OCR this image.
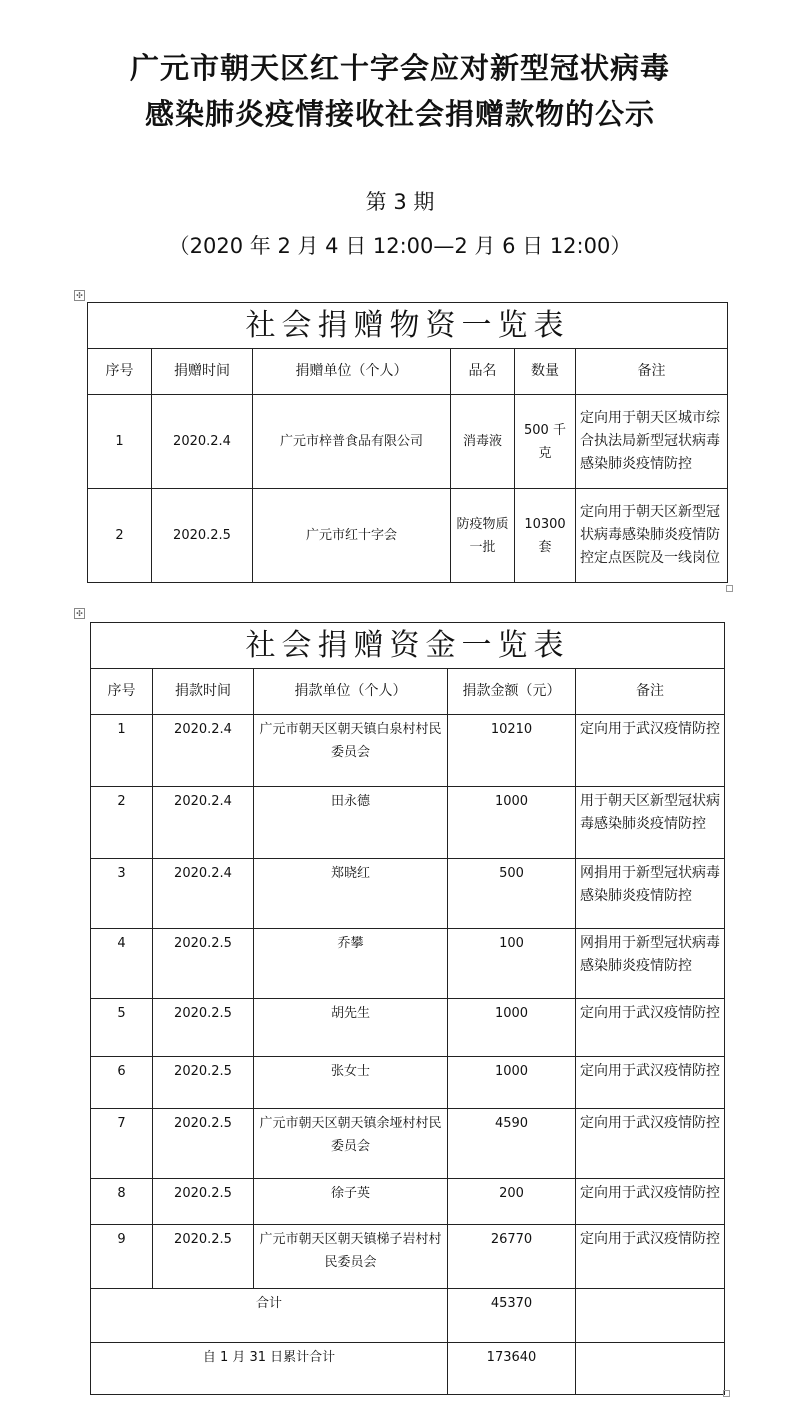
广元市朝天区红十字会应对新型冠状病毒
感染肺炎疫情接收社会捐赠款物的公示
第 3 期
（2020 年 2 月 4 日 12:00—2 月 6 日 12:00）
✣
社会捐赠物资一览表					
序号	捐赠时间	捐赠单位（个人）	品名	数量	备注
1	2020.2.4	广元市梓普食品有限公司	消毒液	500 千克	定向用于朝天区城市综合执法局新型冠状病毒感染肺炎疫情防控
2	2020.2.5	广元市红十字会	防疫物质一批	10300 套	定向用于朝天区新型冠状病毒感染肺炎疫情防控定点医院及一线岗位
✣
社会捐赠资金一览表				
序号	捐款时间	捐款单位（个人）	捐款金额（元）	备注
1	2020.2.4	广元市朝天区朝天镇白泉村村民委员会	10210	定向用于武汉疫情防控
2	2020.2.4	田永德	1000	用于朝天区新型冠状病毒感染肺炎疫情防控
3	2020.2.4	郑晓红	500	网捐用于新型冠状病毒感染肺炎疫情防控
4	2020.2.5	乔攀	100	网捐用于新型冠状病毒感染肺炎疫情防控
5	2020.2.5	胡先生	1000	定向用于武汉疫情防控
6	2020.2.5	张女士	1000	定向用于武汉疫情防控
7	2020.2.5	广元市朝天区朝天镇余垭村村民委员会	4590	定向用于武汉疫情防控
8	2020.2.5	徐子英	200	定向用于武汉疫情防控
9	2020.2.5	广元市朝天区朝天镇梯子岩村村民委员会	26770	定向用于武汉疫情防控
合计			45370	
自 1 月 31 日累计合计			173640	
